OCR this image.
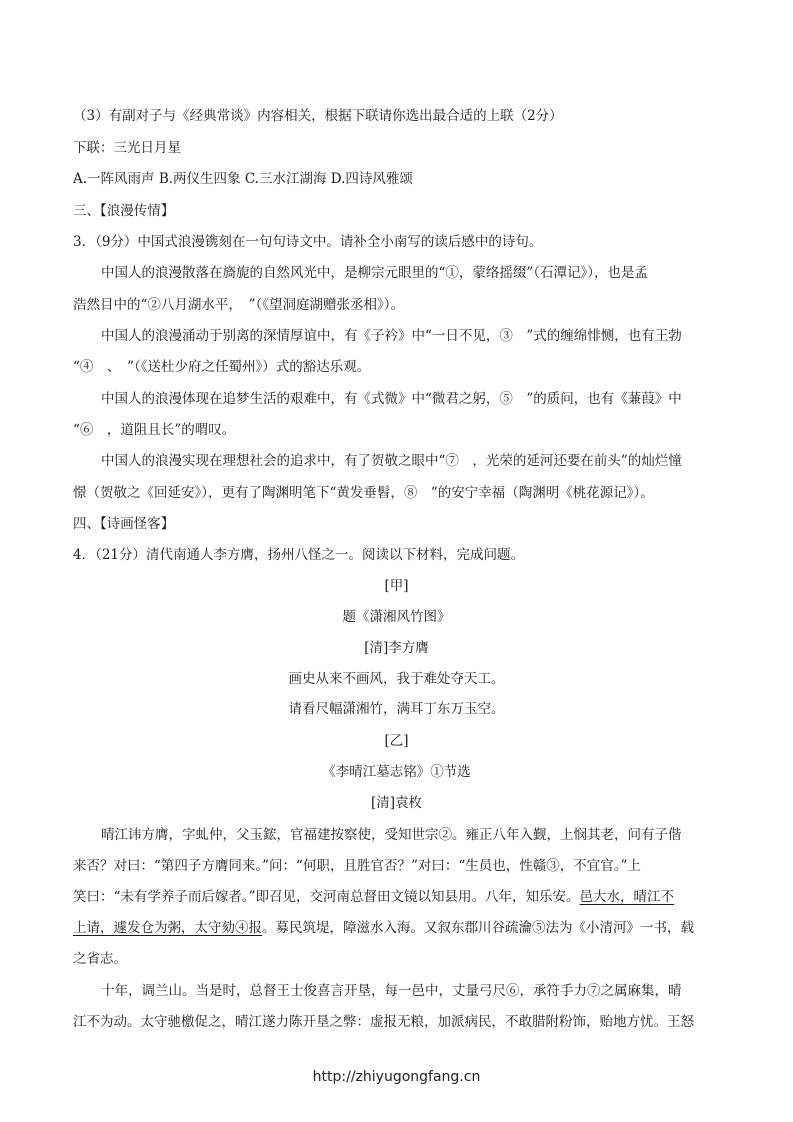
（3）有副对子与《经典常谈》内容相关，根据下联请你选出最合适的上联（2分）
下联：三光日月星
A.一阵风雨声 B.两仪生四象 C.三水江湖海 D.四诗风雅颂
三、【浪漫传情】
3．（9分）中国式浪漫镌刻在一句句诗文中。请补全小南写的读后感中的诗句。
中国人的浪漫散落在旖旎的自然风光中，是柳宗元眼里的“①，蒙络摇缀”（石潭记》），也是孟
浩然目中的“②八月湖水平，　”（《望洞庭湖赠张丞相》）。
中国人的浪漫涌动于别离的深情厚谊中，有《子衿》中“一日不见，③　”式的缠绵悱恻，也有王勃
“④　、　”（《送杜少府之任蜀州》）式的豁达乐观。
中国人的浪漫体现在追梦生活的艰难中，有《式微》中“微君之躬，⑤　”的质问，也有《蒹葭》中
“⑥　，道阻且长”的喟叹。
中国人的浪漫实现在理想社会的追求中，有了贺敬之眼中“⑦　，光荣的延河还要在前头”的灿烂憧
憬（贺敬之《回延安》），更有了陶渊明笔下“黄发垂髫，⑧　”的安宁幸福（陶渊明《桃花源记》）。
四、【诗画怪客】
4．（21分）清代南通人李方膺，扬州八怪之一。阅读以下材料，完成问题。
[甲]
题《潇湘风竹图》
[清]李方膺
画史从来不画风，我于难处夺天工。
请看尺幅潇湘竹，满耳丁东万玉空。
[乙]
《李晴江墓志铭》①节选
[清]袁枚
晴江讳方膺，字虬仲，父玉鋐，官福建按察使，受知世宗②。雍正八年入觐，上悯其老，问有子偕
来否？对曰：“第四子方膺同来。”问：“何职，且胜官否？”对曰：“生员也，性赣③，不宜官。”上
笑曰：“未有学养子而后嫁者。”即召见，交河南总督田文镜以知县用。八年，知乐安。邑大水，晴江不
上请，遽发仓为粥，太守劾④报。募民筑堤，障滋水入海。又叙东郡川谷疏瀹⑤法为《小清河》一书，载
之省志。
十年，调兰山。当是时，总督王士俊喜言开垦，每一邑中，丈量弓尺⑥，承符手力⑦之属麻集，晴
江不为动。太守驰檄促之，晴江遂力陈开垦之弊：虚报无粮，加派病民，不敢腊附粉饰，贻地方忧。王怒
http://zhiyugongfang.cn
